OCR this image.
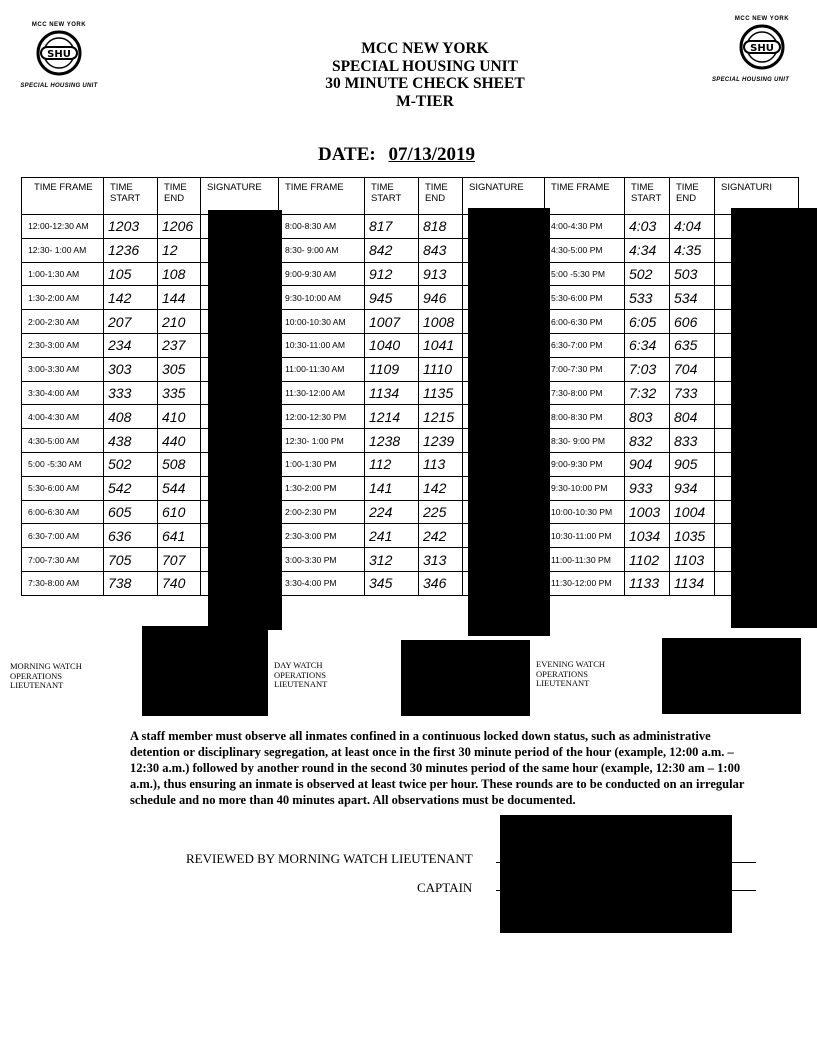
MCC NEW YORK
SHU
SPECIAL HOUSING UNIT
MCC NEW YORK
SHU
SPECIAL HOUSING UNIT
MCC NEW YORK
SPECIAL HOUSING UNIT
30 MINUTE CHECK SHEET
M-TIER
DATE: 07/13/2019
TIME FRAME	TIME START	TIME END	SIGNATURE	TIME FRAME	TIME START	TIME END	SIGNATURE	TIME FRAME	TIME START	TIME END	SIGNATURI
12:00-12:30 AM	1203	1206		8:00-8:30 AM	817	818		4:00-4:30 PM	4:03	4:04	
12:30- 1:00 AM	1236	12		8:30- 9:00 AM	842	843		4:30-5:00 PM	4:34	4:35	
1:00-1:30 AM	105	108		9:00-9:30 AM	912	913		5:00 -5:30 PM	502	503	
1:30-2:00 AM	142	144		9:30-10:00 AM	945	946		5:30-6:00 PM	533	534	
2:00-2:30 AM	207	210		10:00-10:30 AM	1007	1008		6:00-6:30 PM	6:05	606	
2:30-3:00 AM	234	237		10:30-11:00 AM	1040	1041		6:30-7:00 PM	6:34	635	
3:00-3:30 AM	303	305		11:00-11:30 AM	1109	1110		7:00-7:30 PM	7:03	704	
3:30-4:00 AM	333	335		11:30-12:00 AM	1134	1135		7:30-8:00 PM	7:32	733	
4:00-4:30 AM	408	410		12:00-12:30 PM	1214	1215		8:00-8:30 PM	803	804	
4:30-5:00 AM	438	440		12:30- 1:00 PM	1238	1239		8:30- 9:00 PM	832	833	
5:00 -5:30 AM	502	508		1:00-1:30 PM	112	113		9:00-9:30 PM	904	905	
5:30-6:00 AM	542	544		1:30-2:00 PM	141	142		9:30-10:00 PM	933	934	
6:00-6:30 AM	605	610		2:00-2:30 PM	224	225		10:00-10:30 PM	1003	1004	
6:30-7:00 AM	636	641		2:30-3:00 PM	241	242		10:30-11:00 PM	1034	1035	
7:00-7:30 AM	705	707		3:00-3:30 PM	312	313		11:00-11:30 PM	1102	1103	
7:30-8:00 AM	738	740		3:30-4:00 PM	345	346		11:30-12:00 PM	1133	1134	
MORNING WATCH
OPERATIONS
LIEUTENANT
DAY WATCH
OPERATIONS
LIEUTENANT
EVENING WATCH
OPERATIONS
LIEUTENANT
A staff member must observe all inmates confined in a continuous locked down status, such as administrative detention or disciplinary segregation, at least once in the first 30 minute period of the hour (example, 12:00 a.m. – 12:30 a.m.) followed by another round in the second 30 minutes period of the same hour (example, 12:30 am – 1:00 a.m.), thus ensuring an inmate is observed at least twice per hour. These rounds are to be conducted on an irregular schedule and no more than 40 minutes apart. All observations must be documented.
REVIEWED BY MORNING WATCH LIEUTENANT
CAPTAIN
